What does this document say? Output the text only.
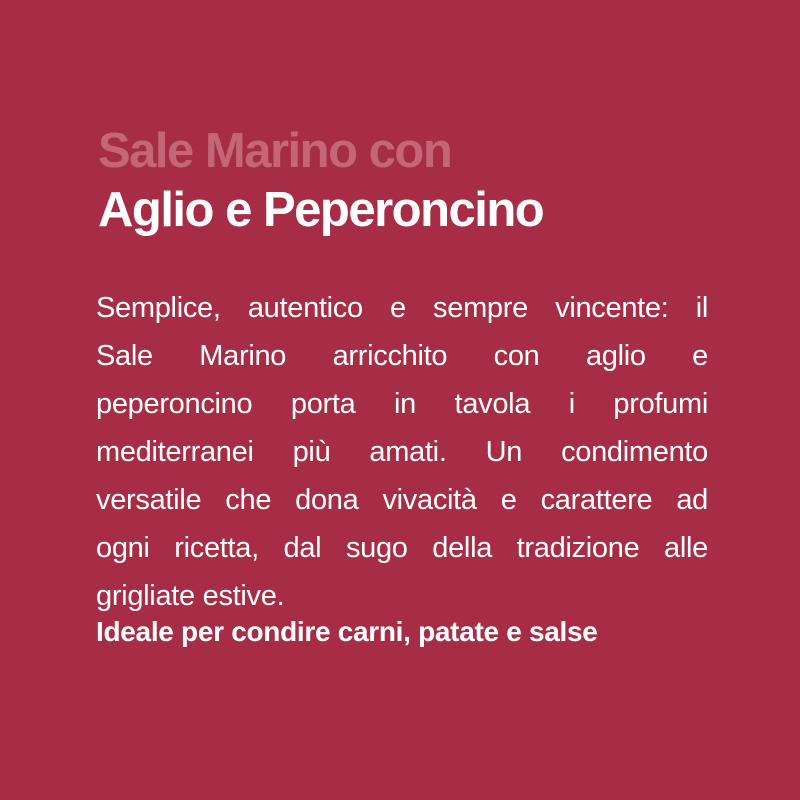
Sale Marino con
Aglio e Peperoncino
Semplice, autentico e sempre vincente: il
Sale Marino arricchito con aglio e
peperoncino porta in tavola i profumi
mediterranei più amati. Un condimento
versatile che dona vivacità e carattere ad
ogni ricetta, dal sugo della tradizione alle
grigliate estive.
Ideale per condire carni, patate e salse
